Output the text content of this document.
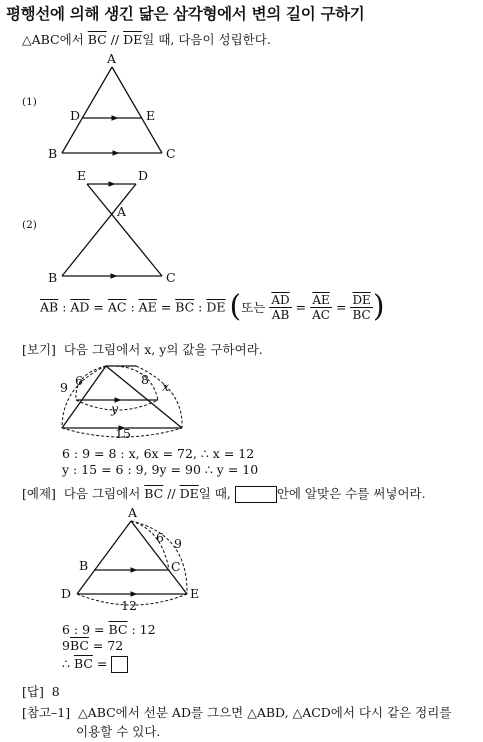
평행선에 의해 생긴 닮은 삼각형에서 변의 길이 구하기
△ABC에서 $\overline{BC} // \overline{DE}$일 때, 다음이 성립한다.
(1)
A
D	E
B	C
(2)
E	D
A
B	C
$\overline{AB}$ : $\overline{AD} = \overline{AC}$ : $\overline{AE} = \overline{BC}$ : $\overline{DE}$ (또는 $\frac{\overline{AD}}{AB} = \frac{\overline{AE}}{AC} = \frac{\overline{DE}}{BC}$ )
[보기] 다음 그림에서 x, y의 값을 구하여라.
9 6	8 x
y
15
6 : 9 = 8 : x, 6x = 72, ∴ x = 12
y : 15 = 6 : 9, 9y = 90 ∴ y = 10
[예제] 다음 그림에서 $\overline{BC} // \overline{DE}$일 때,	안에 알맞은 수를 써넣어라.
A
6 9
B	C
D	E
12
6 : $9 = \overline{BC}$ : 12
$9\overline{BC} = 72$
∴ $\overline{BC}$ =
[답] 8
[참고–1] △ABC에서 선분 AD를 그으면 △ABD, △ACD에서 다시 같은 정리를
이용할 수 있다.
